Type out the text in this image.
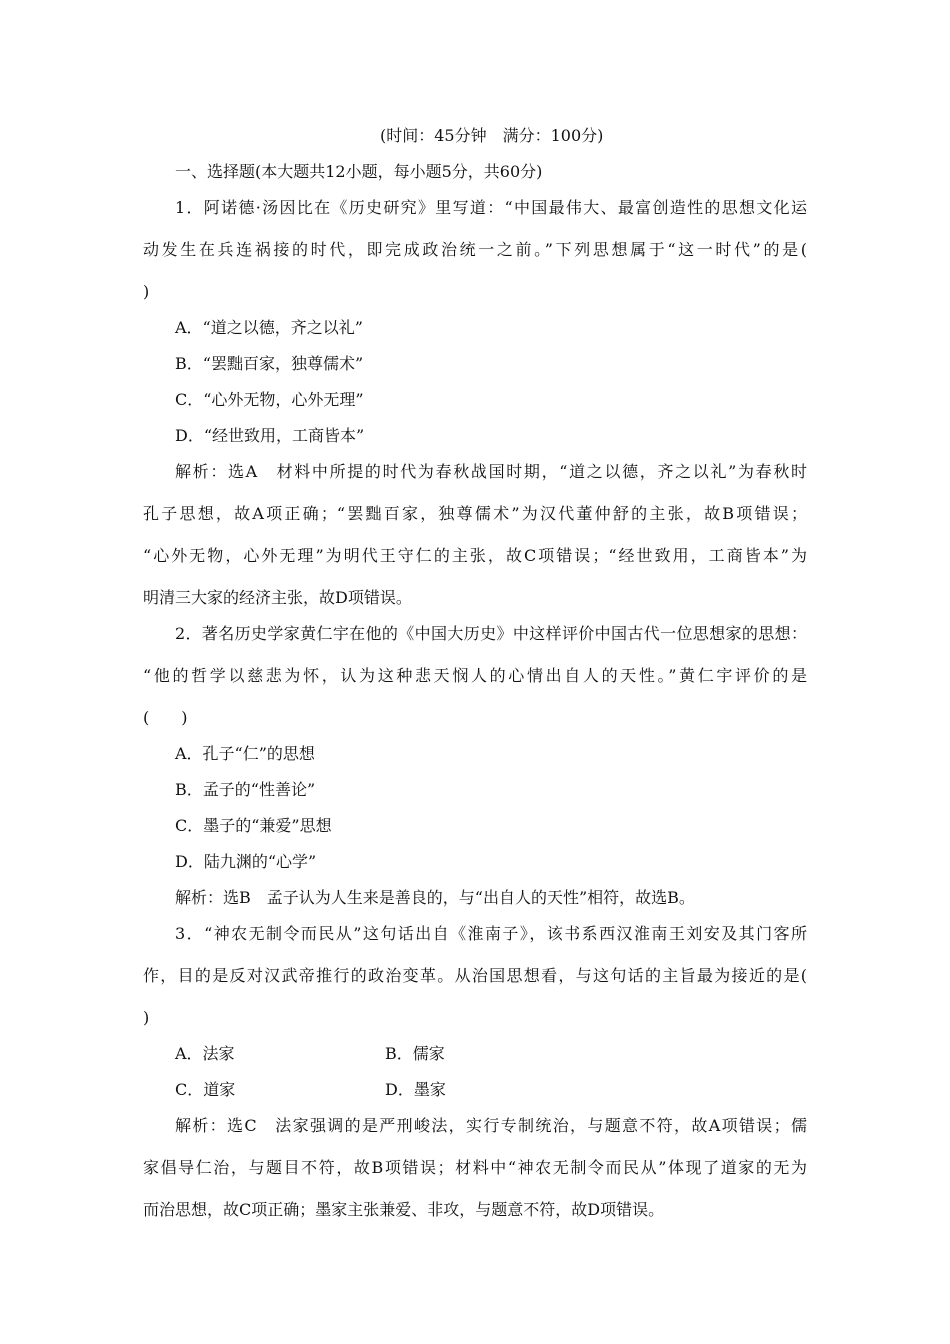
(时间：45分钟　满分：100分)
一、选择题(本大题共12小题，每小题5分，共60分)
1．阿诺德·汤因比在《历史研究》里写道：“中国最伟大、最富创造性的思想文化运
动发生在兵连祸接的时代，即完成政治统一之前。”下列思想属于“这一时代”的是(
)
A．“道之以德，齐之以礼”
B．“罢黜百家，独尊儒术”
C．“心外无物，心外无理”
D．“经世致用，工商皆本”
解析：选A　材料中所提的时代为春秋战国时期，“道之以德，齐之以礼”为春秋时
孔子思想，故A项正确；“罢黜百家，独尊儒术”为汉代董仲舒的主张，故B项错误；
“心外无物，心外无理”为明代王守仁的主张，故C项错误；“经世致用，工商皆本”为
明清三大家的经济主张，故D项错误。
2．著名历史学家黄仁宇在他的《中国大历史》中这样评价中国古代一位思想家的思想：
“他的哲学以慈悲为怀，认为这种悲天悯人的心情出自人的天性。”黄仁宇评价的是
(　　)
A．孔子“仁”的思想
B．孟子的“性善论”
C．墨子的“兼爱”思想
D．陆九渊的“心学”
解析：选B　孟子认为人生来是善良的，与“出自人的天性”相符，故选B。
3．“神农无制令而民从”这句话出自《淮南子》，该书系西汉淮南王刘安及其门客所
作，目的是反对汉武帝推行的政治变革。从治国思想看，与这句话的主旨最为接近的是(
)
A．法家	B．儒家
C．道家	D．墨家
解析：选C　法家强调的是严刑峻法，实行专制统治，与题意不符，故A项错误；儒
家倡导仁治，与题目不符，故B项错误；材料中“神农无制令而民从”体现了道家的无为
而治思想，故C项正确；墨家主张兼爱、非攻，与题意不符，故D项错误。
